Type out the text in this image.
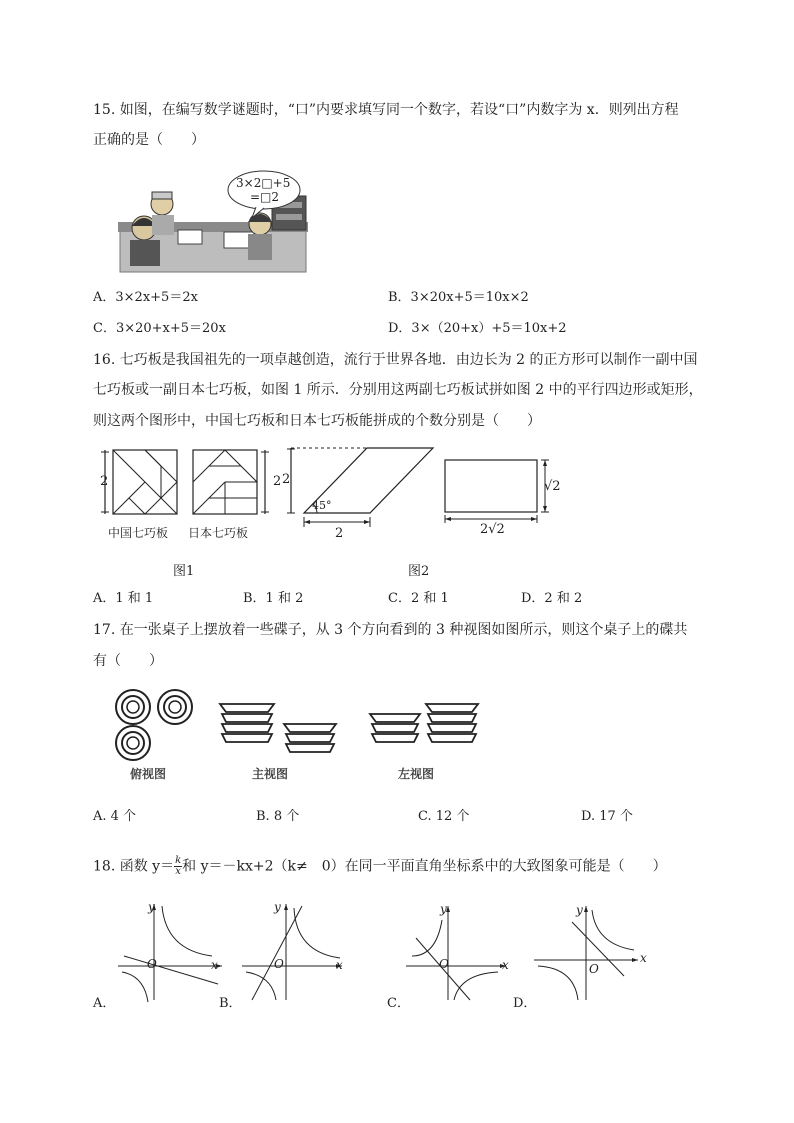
15. 如图，在编写数学谜题时，“口”内要求填写同一个数字，若设“口”内数字为 x．则列出方程
正确的是（　　）
3×2□+5
=□2
A．3×2x+5＝2x	B．3×20x+5＝10x×2
C．3×20+x+5＝20x	D．3×（20+x）+5＝10x+2
16. 七巧板是我国祖先的一项卓越创造，流行于世界各地．由边长为 2 的正方形可以制作一副中国
七巧板或一副日本七巧板，如图 1 所示．分别用这两副七巧板试拼如图 2 中的平行四边形或矩形，
则这两个图形中，中国七巧板和日本七巧板能拼成的个数分别是（　　）
2	2
中国七巧板 日本七巧板
图1
2
45°
2
√2
2√2
图2
A．1 和 1	B．1 和 2	C．2 和 1	D．2 和 2
17. 在一张桌子上摆放着一些碟子，从 3 个方向看到的 3 种视图如图所示，则这个桌子上的碟共
有（　　）
俯视图	主视图	左视图
A. 4 个	B. 8 个	C. 12 个	D. 17 个
18. 函数 $y= \frac{k}{x}$ 和 y＝－kx+2（k≠　0）在同一平面直角坐标系中的大致图象可能是（　　）
y
x
O
y
x
O
y
x
O
y
x
O
A．	B．	C．	D．
